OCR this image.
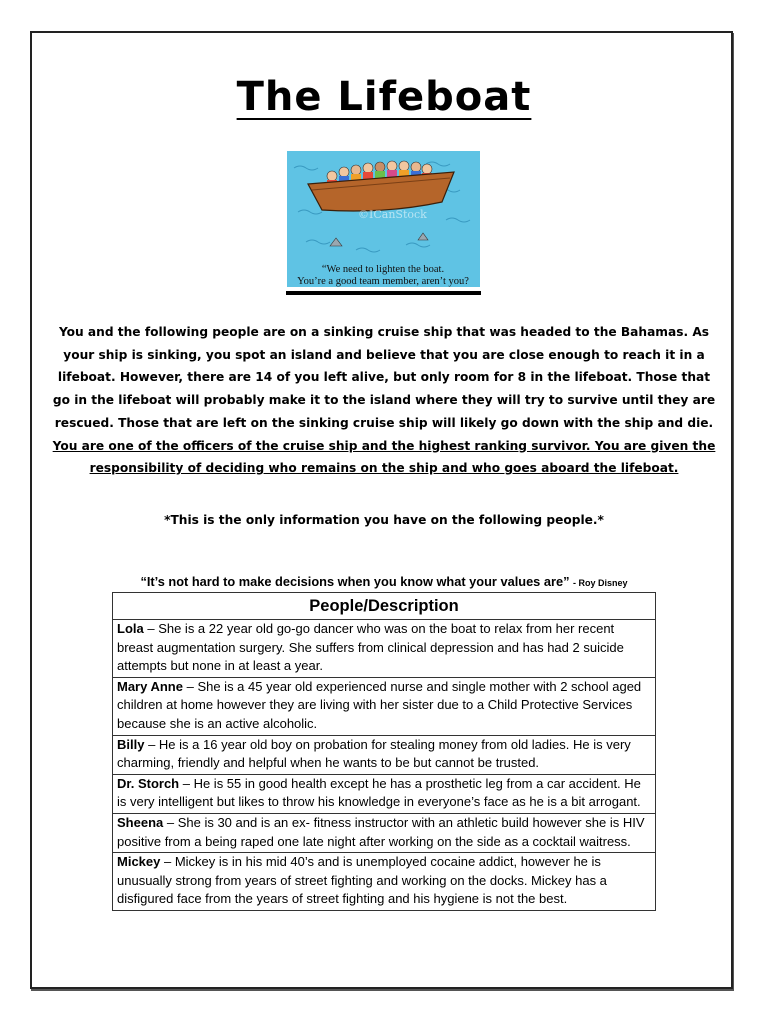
The Lifeboat
©ICanStock
“We need to lighten the boat.
You’re a good team member, aren’t you?
You and the following people are on a sinking cruise ship that was headed to the Bahamas. As your ship is sinking, you spot an island and believe that you are close enough to reach it in a lifeboat. However, there are 14 of you left alive, but only room for 8 in the lifeboat. Those that go in the lifeboat will probably make it to the island where they will try to survive until they are rescued. Those that are left on the sinking cruise ship will likely go down with the ship and die. You are one of the officers of the cruise ship and the highest ranking survivor. You are given the responsibility of deciding who remains on the ship and who goes aboard the lifeboat.
*This is the only information you have on the following people.*
“It’s not hard to make decisions when you know what your values are” - Roy Disney
People/Description
Lola – She is a 22 year old go-go dancer who was on the boat to relax from her recent breast augmentation surgery. She suffers from clinical depression and has had 2 suicide attempts but none in at least a year.
Mary Anne – She is a 45 year old experienced nurse and single mother with 2 school aged children at home however they are living with her sister due to a Child Protective Services because she is an active alcoholic.
Billy – He is a 16 year old boy on probation for stealing money from old ladies. He is very charming, friendly and helpful when he wants to be but cannot be trusted.
Dr. Storch – He is 55 in good health except he has a prosthetic leg from a car accident. He is very intelligent but likes to throw his knowledge in everyone’s face as he is a bit arrogant.
Sheena – She is 30 and is an ex- fitness instructor with an athletic build however she is HIV positive from a being raped one late night after working on the side as a cocktail waitress.
Mickey – Mickey is in his mid 40’s and is unemployed cocaine addict, however he is unusually strong from years of street fighting and working on the docks. Mickey has a disfigured face from the years of street fighting and his hygiene is not the best.
